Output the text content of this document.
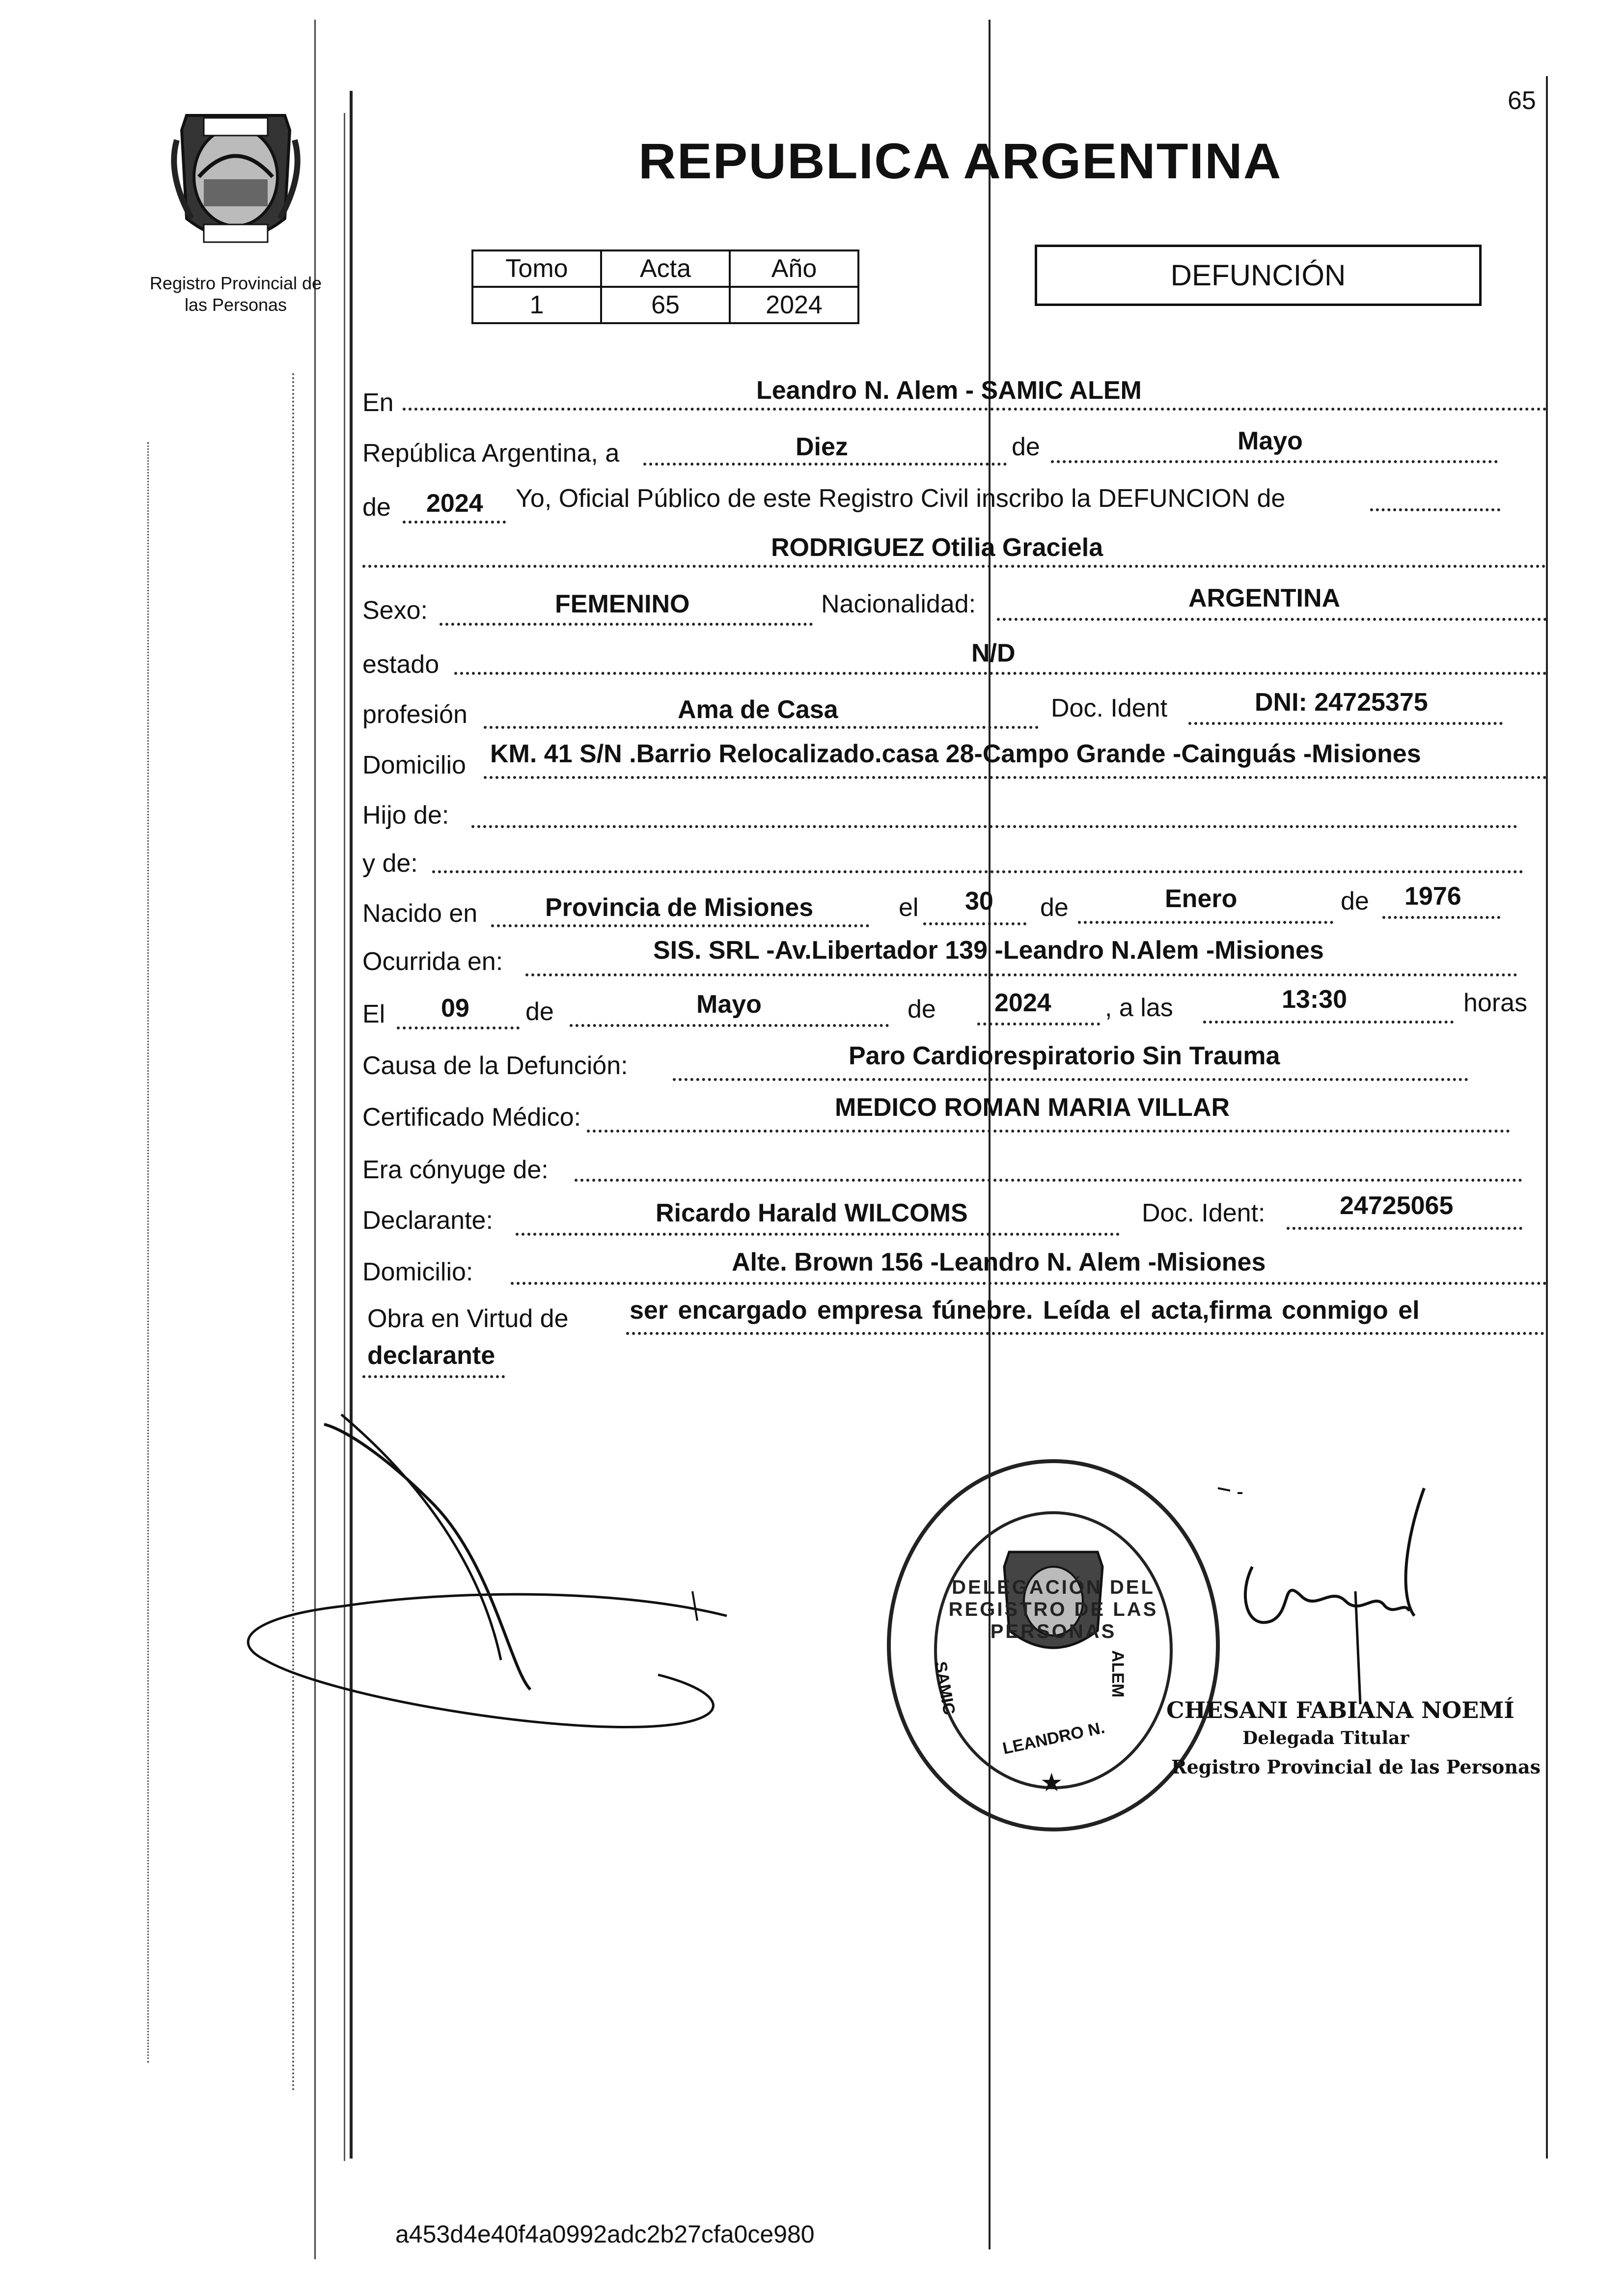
65
Registro Provincial de
las Personas
REPUBLICA ARGENTINA
Tomo	Acta	Año
1	65	2024
DEFUNCIÓN
En	Leandro N. Alem - SAMIC ALEM
República Argentina, a	Diez	de	Mayo
de 2024 Yo, Oficial Público de este Registro Civil inscribo la DEFUNCION de
RODRIGUEZ Otilia Graciela
Sexo:	FEMENINO	Nacionalidad:	ARGENTINA
estado	N/D
profesión	Ama de Casa	Doc. Ident	DNI: 24725375
Domicilio KM. 41 S/N .Barrio Relocalizado.casa 28-Campo Grande -Cainguás -Misiones
Hijo de:
y de:
Nacido en	Provincia de Misiones	el 30 de	Enero	de 1976
Ocurrida en:	SIS. SRL -Av.Libertador 139 -Leandro N.Alem -Misiones
El 09 de	Mayo	de 2024 , a las	13:30	horas
Causa de la Defunción:	Paro Cardiorespiratorio Sin Trauma
Certificado Médico:	MEDICO ROMAN MARIA VILLAR
Era cónyuge de:
Declarante:	Ricardo Harald WILCOMS	Doc. Ident:	24725065
Domicilio:	Alte. Brown 156 -Leandro N. Alem -Misiones
Obra en Virtud de ser encargado empresa fúnebre. Leída el acta,firma conmigo el
declarante
DELEGACIÓN DEL REGISTRO DE LAS PERSONAS
SAMIC
LEANDRO N.
ALEM
★
CHESANI FABIANA NOEMÍ
Delegada Titular
Registro Provincial de las Personas
a453d4e40f4a0992adc2b27cfa0ce980
